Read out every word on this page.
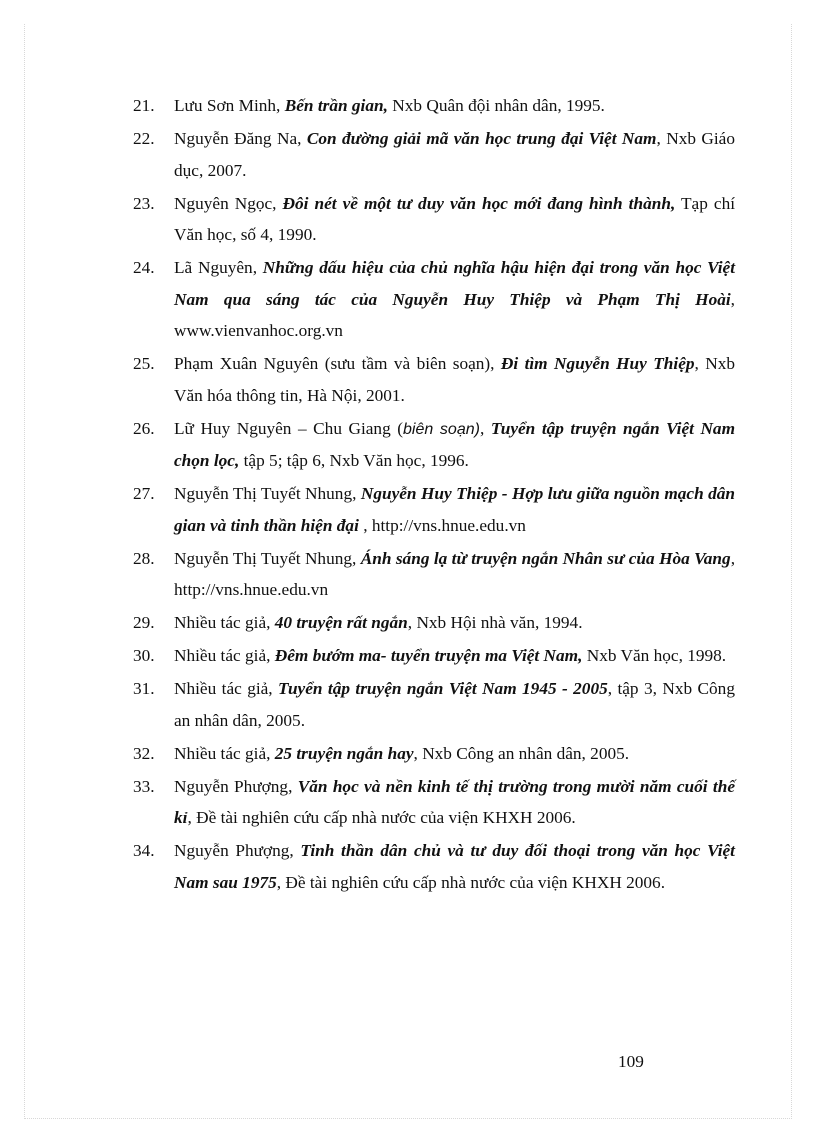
21. Lưu Sơn Minh, Bến trần gian, Nxb Quân đội nhân dân, 1995.
22. Nguyễn Đăng Na, Con đường giải mã văn học trung đại Việt Nam, Nxb Giáo dục, 2007.
23. Nguyên Ngọc, Đôi nét về một tư duy văn học mới đang hình thành, Tạp chí Văn học, số 4, 1990.
24. Lã Nguyên, Những dấu hiệu của chủ nghĩa hậu hiện đại trong văn học Việt Nam qua sáng tác của Nguyễn Huy Thiệp và Phạm Thị Hoài, www.vienvanhoc.org.vn
25. Phạm Xuân Nguyên (sưu tầm và biên soạn), Đi tìm Nguyễn Huy Thiệp, Nxb Văn hóa thông tin, Hà Nội, 2001.
26. Lữ Huy Nguyên – Chu Giang (biên soạn), Tuyển tập truyện ngắn Việt Nam chọn lọc, tập 5; tập 6, Nxb Văn học, 1996.
27. Nguyễn Thị Tuyết Nhung, Nguyễn Huy Thiệp - Hợp lưu giữa nguồn mạch dân gian và tinh thần hiện đại , http://vns.hnue.edu.vn
28. Nguyễn Thị Tuyết Nhung, Ánh sáng lạ từ truyện ngắn Nhân sư của Hòa Vang, http://vns.hnue.edu.vn
29. Nhiều tác giả, 40 truyện rất ngắn, Nxb Hội nhà văn, 1994.
30. Nhiều tác giả, Đêm bướm ma- tuyển truyện ma Việt Nam, Nxb Văn học, 1998.
31. Nhiều tác giả, Tuyển tập truyện ngắn Việt Nam 1945 - 2005, tập 3, Nxb Công an nhân dân, 2005.
32. Nhiều tác giả, 25 truyện ngắn hay, Nxb Công an nhân dân, 2005.
33. Nguyễn Phượng, Văn học và nền kinh tế thị trường trong mười năm cuối thế kỉ, Đề tài nghiên cứu cấp nhà nước của viện KHXH 2006.
34. Nguyễn Phượng, Tinh thần dân chủ và tư duy đối thoại trong văn học Việt Nam sau 1975, Đề tài nghiên cứu cấp nhà nước của viện KHXH 2006.
109
